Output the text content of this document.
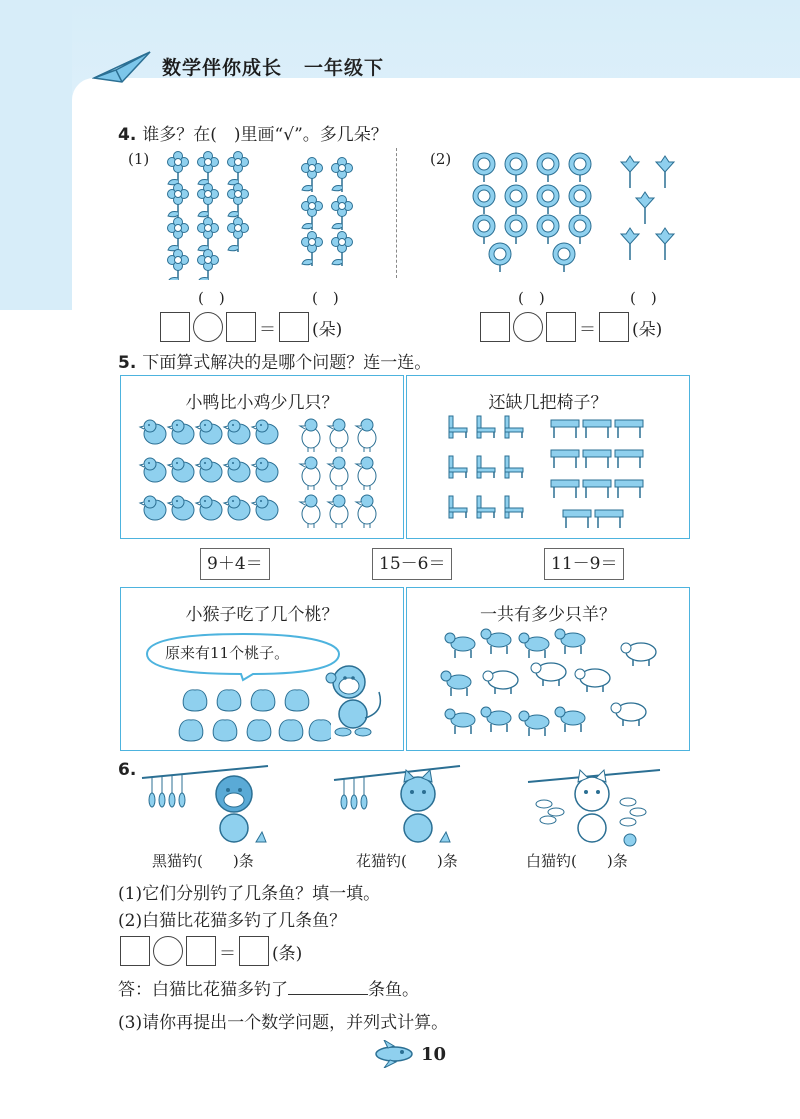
数学伴你成长 一年级下
4. 谁多？在(　)里画“√”。多几朵？
(1)	(2)
(　)	(　)	(　)	(　)
＝ (朵)	＝ (朵)
5. 下面算式解决的是哪个问题？连一连。
小鸭比小鸡少几只？	还缺几把椅子？
9＋4＝	15－6＝	11－9＝
小猴子吃了几个桃？
原来有11个桃子。
一共有多少只羊？
6.
黑猫钓(　　)条	花猫钓(　　)条	白猫钓(　　)条
(1)它们分别钓了几条鱼？填一填。
(2)白猫比花猫多钓了几条鱼？
＝ (条)
答：白猫比花猫多钓了	条鱼。
(3)请你再提出一个数学问题，并列式计算。
10
